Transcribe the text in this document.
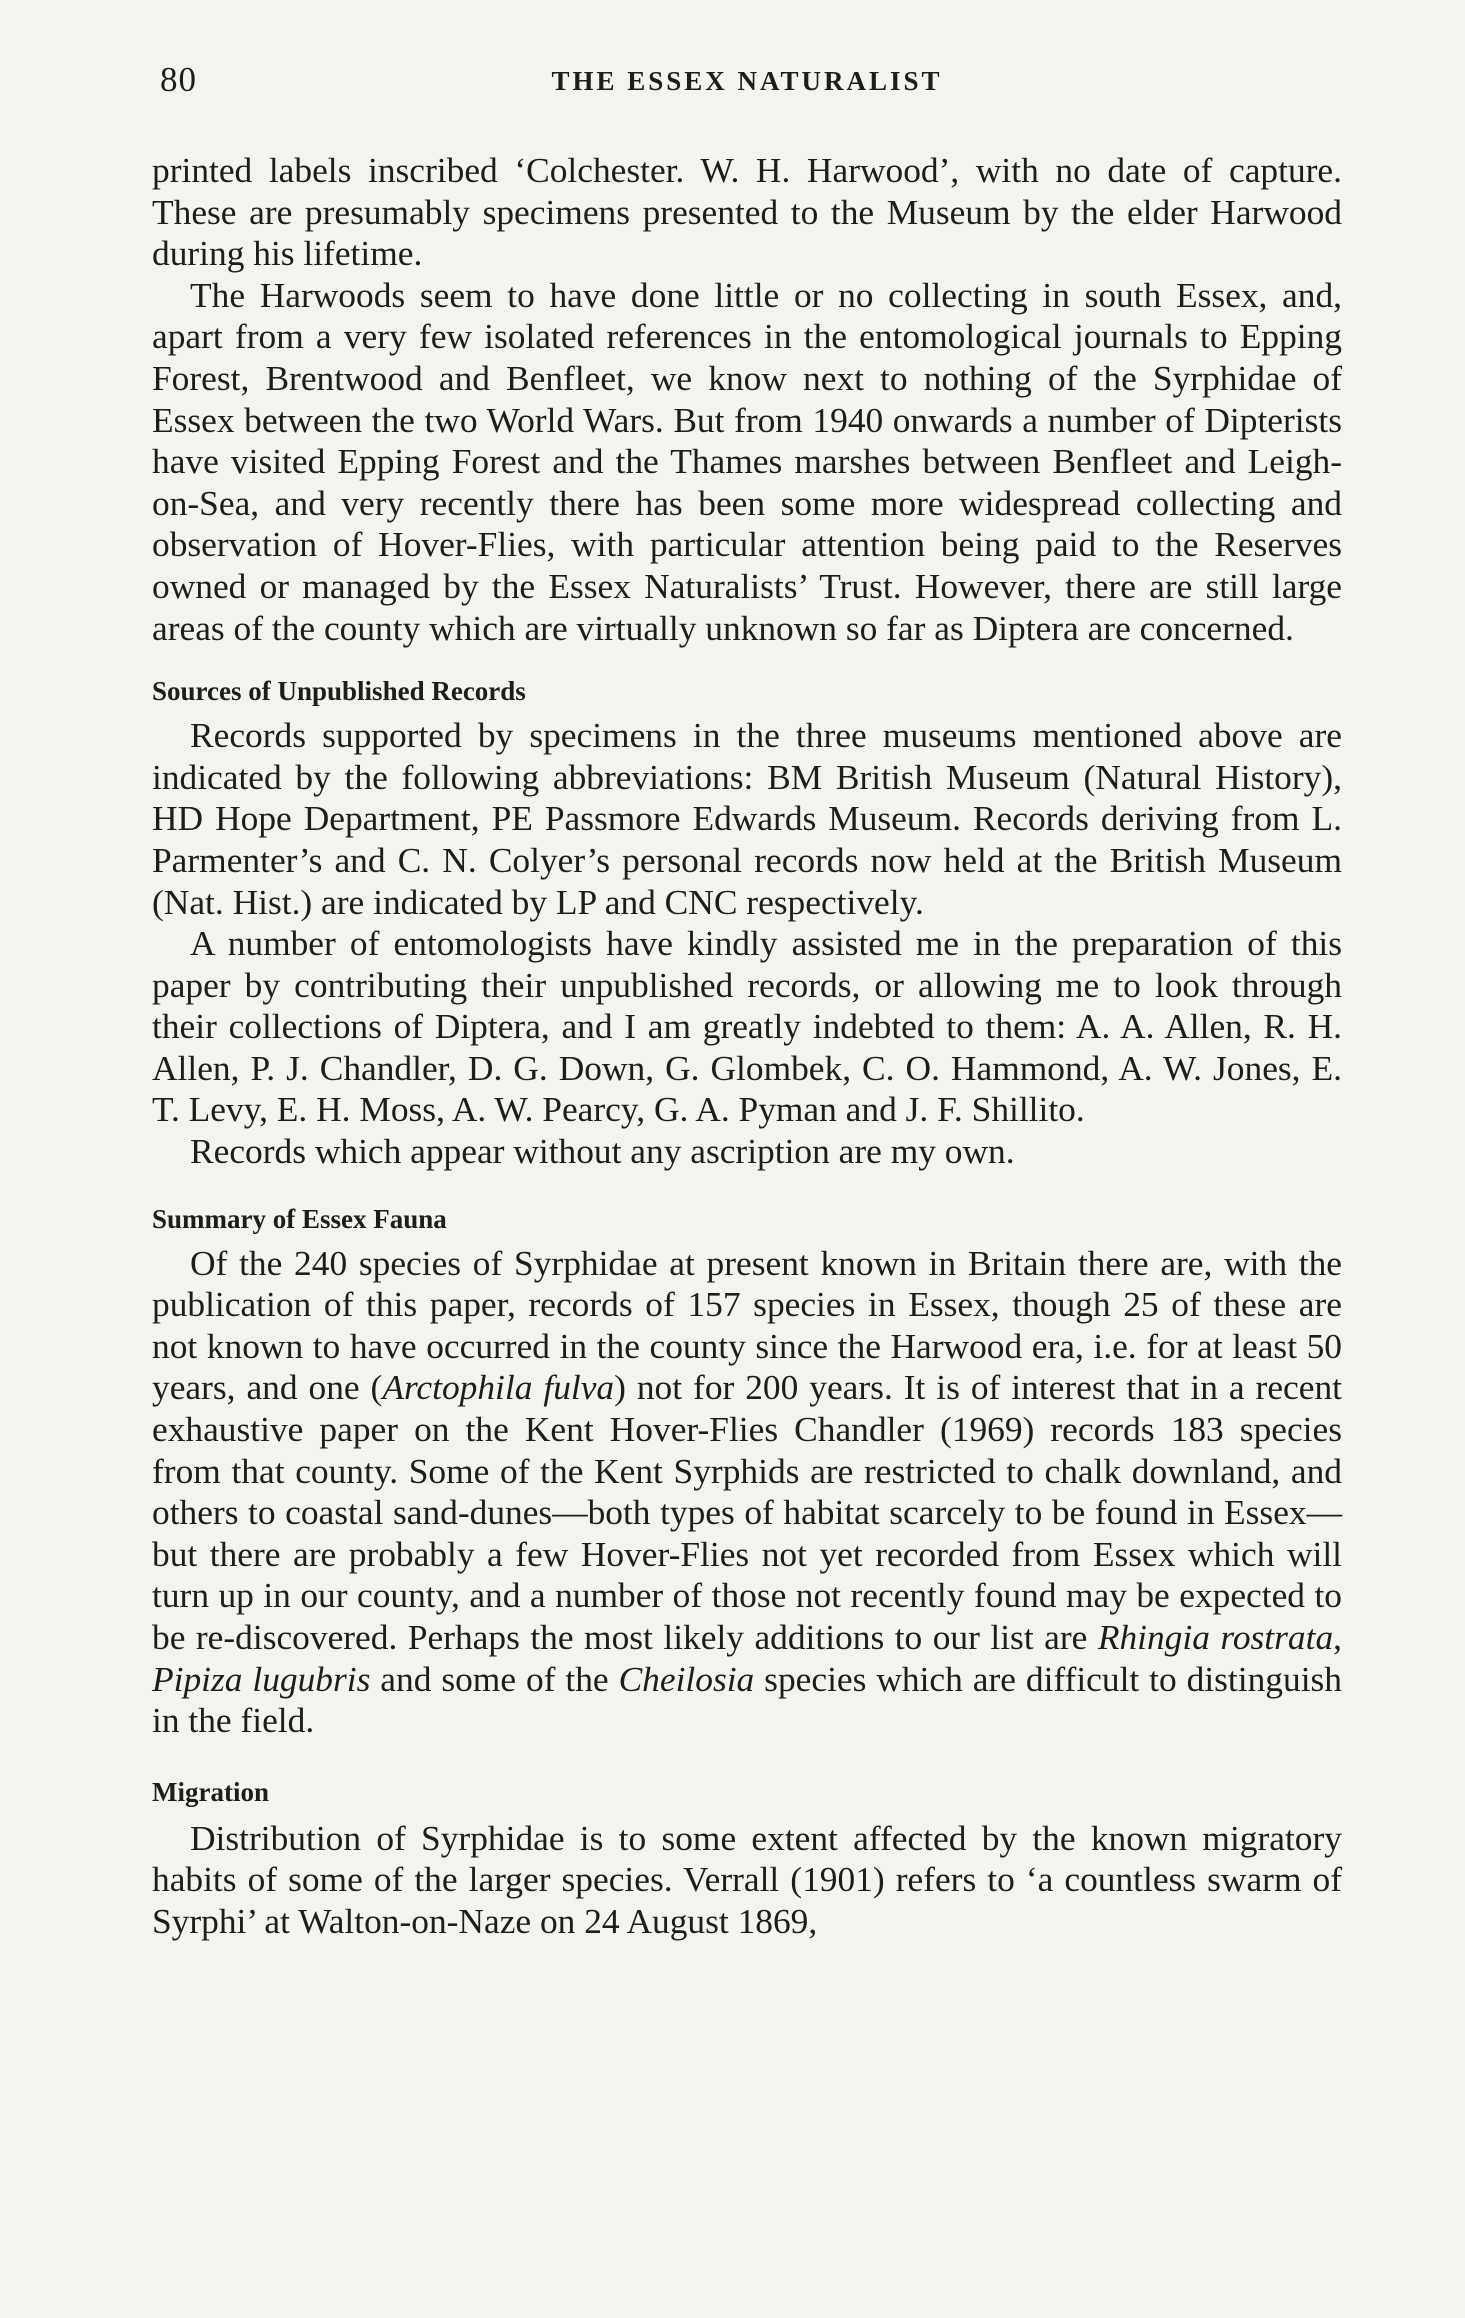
80	THE ESSEX NATURALIST

printed labels inscribed ‘Colchester. W. H. Harwood’, with no date of capture. These are presumably specimens presented to the Museum by the elder Harwood during his lifetime.

The Harwoods seem to have done little or no collecting in south Essex, and, apart from a very few isolated references in the entomological journals to Epping Forest, Brentwood and Benfleet, we know next to nothing of the Syrphidae of Essex between the two World Wars. But from 1940 onwards a number of Dipterists have visited Epping Forest and the Thames marshes between Benfleet and Leigh-on-Sea, and very recently there has been some more widespread collecting and observation of Hover-Flies, with particular attention being paid to the Reserves owned or managed by the Essex Naturalists’ Trust. However, there are still large areas of the county which are virtually unknown so far as Diptera are concerned.

Sources of Unpublished Records

Records supported by specimens in the three museums mentioned above are indicated by the following abbreviations: BM British Museum (Natural History), HD Hope Department, PE Passmore Edwards Museum. Records deriving from L. Parmenter’s and C. N. Colyer’s personal records now held at the British Museum (Nat. Hist.) are indicated by LP and CNC respectively.

A number of entomologists have kindly assisted me in the preparation of this paper by contributing their unpublished records, or allowing me to look through their collections of Diptera, and I am greatly indebted to them: A. A. Allen, R. H. Allen, P. J. Chandler, D. G. Down, G. Glombek, C. O. Hammond, A. W. Jones, E. T. Levy, E. H. Moss, A. W. Pearcy, G. A. Pyman and J. F. Shillito.

Records which appear without any ascription are my own.

Summary of Essex Fauna

Of the 240 species of Syrphidae at present known in Britain there are, with the publication of this paper, records of 157 species in Essex, though 25 of these are not known to have occurred in the county since the Harwood era, i.e. for at least 50 years, and one (Arctophila fulva) not for 200 years. It is of interest that in a recent exhaustive paper on the Kent Hover-Flies Chandler (1969) records 183 species from that county. Some of the Kent Syrphids are restricted to chalk downland, and others to coastal sand-dunes—both types of habitat scarcely to be found in Essex—but there are probably a few Hover-Flies not yet recorded from Essex which will turn up in our county, and a number of those not recently found may be expected to be re-discovered. Perhaps the most likely additions to our list are Rhingia rostrata, Pipiza lugubris and some of the Cheilosia species which are difficult to distinguish in the field.

Migration

Distribution of Syrphidae is to some extent affected by the known migratory habits of some of the larger species. Verrall (1901) refers to ‘a countless swarm of Syrphi’ at Walton-on-Naze on 24 August 1869,
